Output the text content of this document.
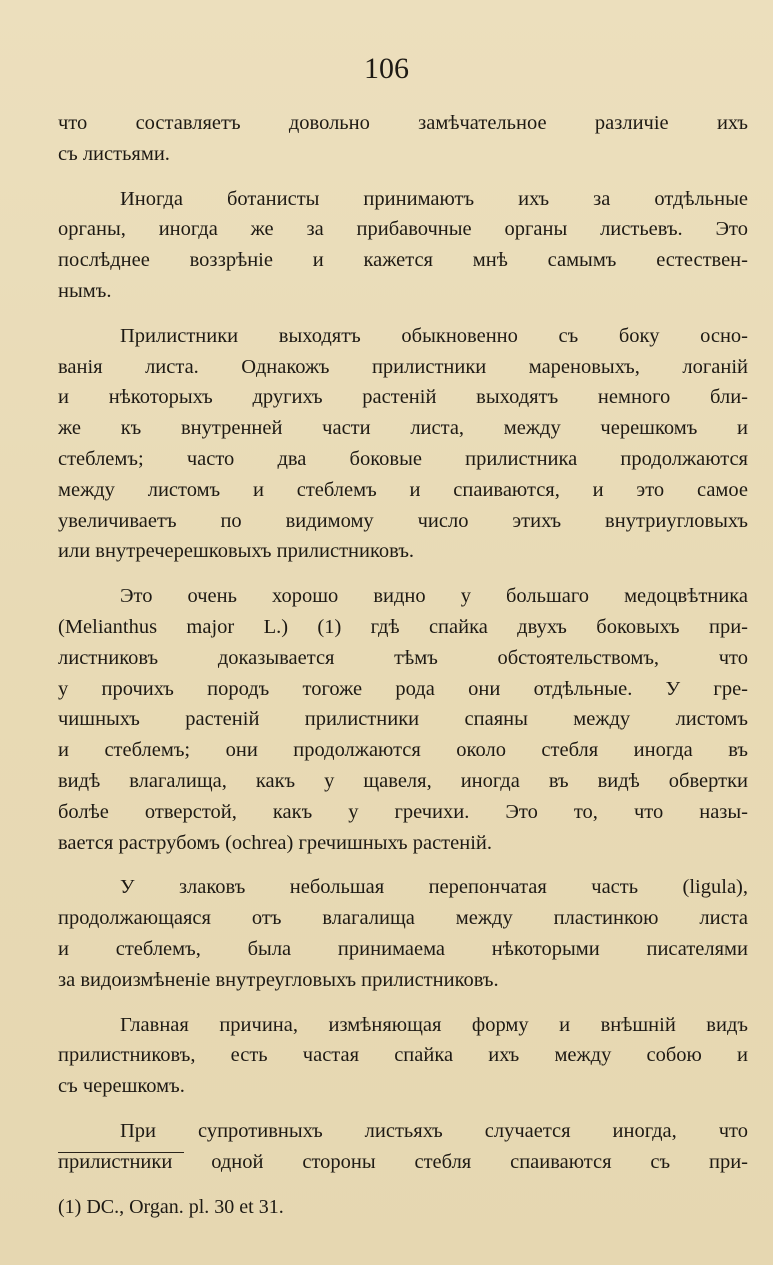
106
что составляетъ довольно замѣчательное различіе ихъ
съ листьями.
Иногда ботанисты принимаютъ ихъ за отдѣльные
органы, иногда же за прибавочные органы листьевъ. Это
послѣднее воззрѣніе и кажется мнѣ самымъ естествен-
нымъ.
Прилистники выходятъ обыкновенно съ боку осно-
ванія листа. Однакожъ прилистники мареновыхъ, логаній
и нѣкоторыхъ другихъ растеній выходятъ немного бли-
же къ внутренней части листа, между черешкомъ и
стеблемъ; часто два боковые прилистника продолжаются
между листомъ и стеблемъ и спаиваются, и это самое
увеличиваетъ по видимому число этихъ внутриугловыхъ
или внутречерешковыхъ прилистниковъ.
Это очень хорошо видно у большаго медоцвѣтника
(Melianthus major L.) (1) гдѣ спайка двухъ боковыхъ при-
листниковъ доказывается тѣмъ обстоятельствомъ, что
у прочихъ породъ тогоже рода они отдѣльные. У гре-
чишныхъ растеній прилистники спаяны между листомъ
и стеблемъ; они продолжаются около стебля иногда въ
видѣ влагалища, какъ у щавеля, иногда въ видѣ обвертки
болѣе отверстой, какъ у гречихи. Это то, что назы-
вается раструбомъ (ochrea) гречишныхъ растеній.
У злаковъ небольшая перепончатая часть (ligula),
продолжающаяся отъ влагалища между пластинкою листа
и стеблемъ, была принимаема нѣкоторыми писателями
за видоизмѣненіе внутреугловыхъ прилистниковъ.
Главная причина, измѣняющая форму и внѣшній видъ
прилистниковъ, есть частая спайка ихъ между собою и
съ черешкомъ.
При супротивныхъ листьяхъ случается иногда, что
прилистники одной стороны стебля спаиваются съ при-
(1) DC., Organ. pl. 30 et 31.
